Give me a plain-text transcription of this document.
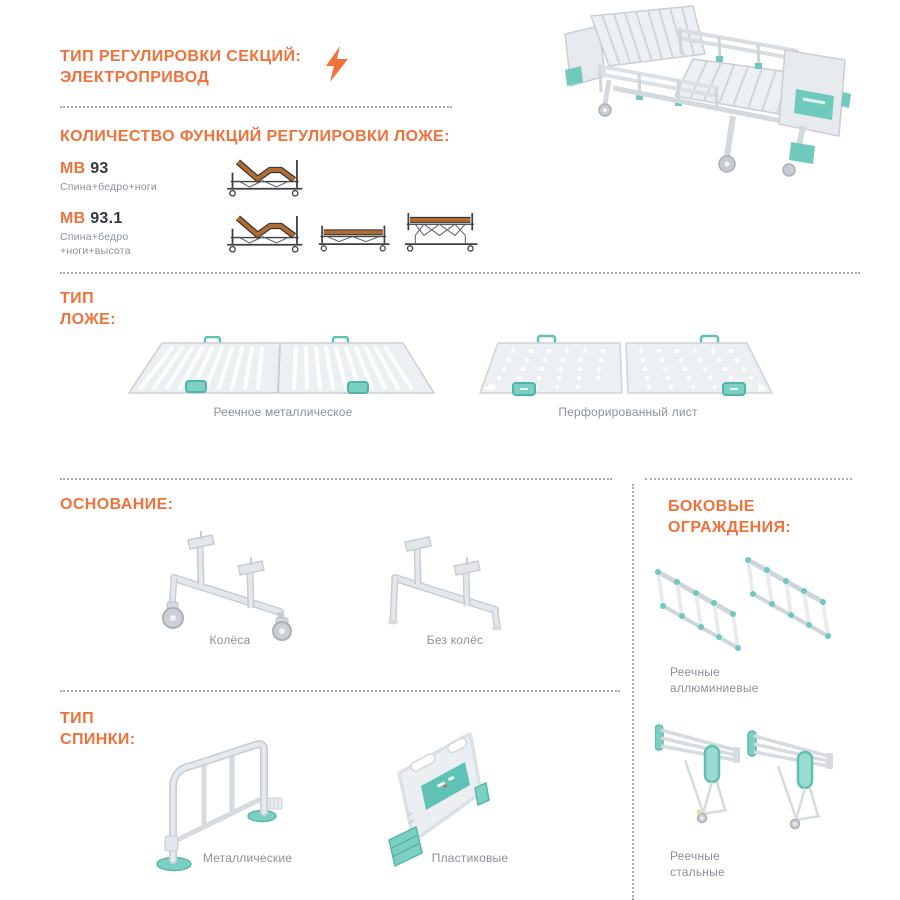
ТИП РЕГУЛИРОВКИ СЕКЦИЙ:
ЭЛЕКТРОПРИВОД
КОЛИЧЕСТВО ФУНКЦИЙ РЕГУЛИРОВКИ ЛОЖЕ:
МВ 93
Спина+бедро+ноги
МВ 93.1
Спина+бедро
+ноги+высота
ТИП
ЛОЖЕ:
Реечное металлическое	Перфорированный лист
ОСНОВАНИЕ:
Колёса	Без колёс
ТИП
СПИНКИ:
Металлические	Пластиковые
БОКОВЫЕ
ОГРАЖДЕНИЯ:
Реечные
аллюминиевые
Реечные
стальные
